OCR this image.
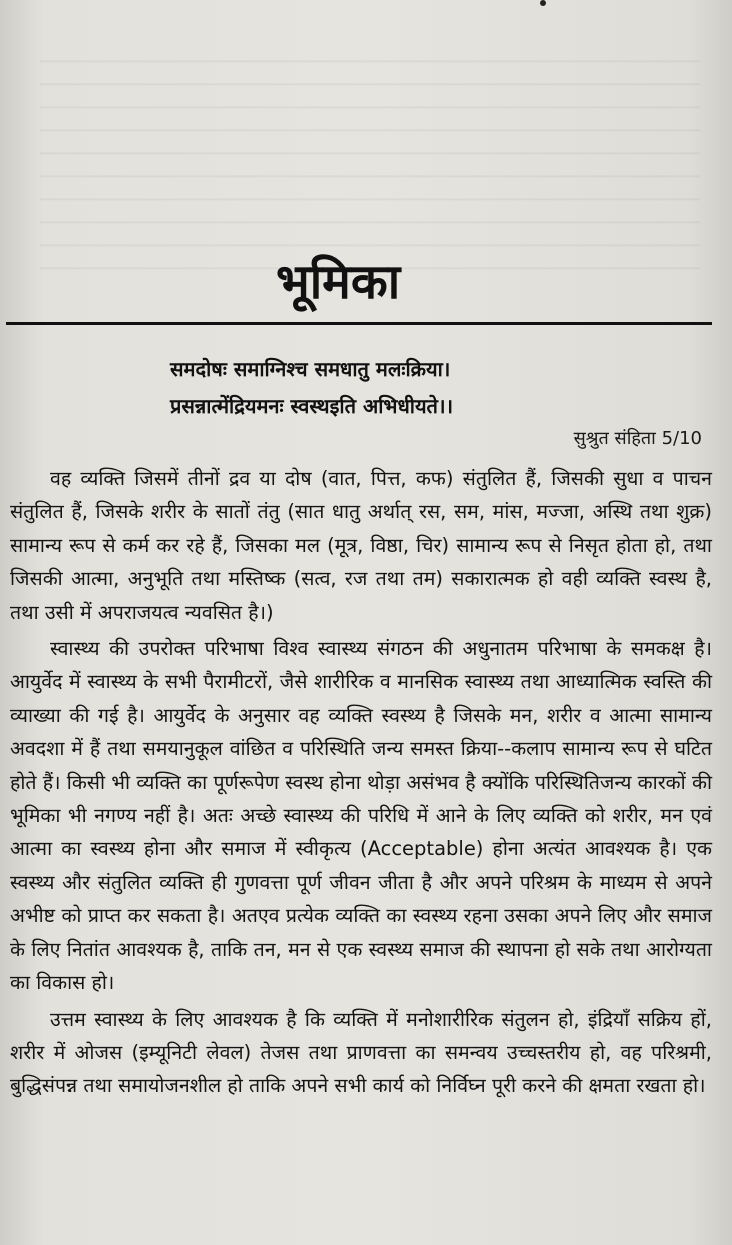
भूमिका
समदोषः समाग्निश्च समधातु मलःक्रिया।
प्रसन्नात्मेंद्रियमनः स्वस्थइति अभिधीयते।।
सुश्रुत संहिता 5/10

वह व्यक्ति जिसमें तीनों द्रव या दोष (वात, पित्त, कफ) संतुलित हैं, जिसकी सुधा व पाचन संतुलित हैं, जिसके शरीर के सातों तंतु (सात धातु अर्थात् रस, सम, मांस, मज्जा, अस्थि तथा शुक्र) सामान्य रूप से कर्म कर रहे हैं, जिसका मल (मूत्र, विष्ठा, चिर) सामान्य रूप से निसृत होता हो, तथा जिसकी आत्मा, अनुभूति तथा मस्तिष्क (सत्व, रज तथा तम) सकारात्मक हो वही व्यक्ति स्वस्थ है, तथा उसी में अपराजयत्व न्यवसित है।)

स्वास्थ्य की उपरोक्त परिभाषा विश्व स्वास्थ्य संगठन की अधुनातम परिभाषा के समकक्ष है। आयुर्वेद में स्वास्थ्य के सभी पैरामीटरों, जैसे शारीरिक व मानसिक स्वास्थ्य तथा आध्यात्मिक स्वस्ति की व्याख्या की गई है। आयुर्वेद के अनुसार वह व्यक्ति स्वस्थ्य है जिसके मन, शरीर व आत्मा सामान्य अवदशा में हैं तथा समयानुकूल वांछित व परिस्थिति जन्य समस्त क्रिया--कलाप सामान्य रूप से घटित होते हैं। किसी भी व्यक्ति का पूर्णरूपेण स्वस्थ होना थोड़ा असंभव है क्योंकि परिस्थितिजन्य कारकों की भूमिका भी नगण्य नहीं है। अतः अच्छे स्वास्थ्य की परिधि में आने के लिए व्यक्ति को शरीर, मन एवं आत्मा का स्वस्थ्य होना और समाज में स्वीकृत्य (Acceptable) होना अत्यंत आवश्यक है। एक स्वस्थ्य और संतुलित व्यक्ति ही गुणवत्ता पूर्ण जीवन जीता है और अपने परिश्रम के माध्यम से अपने अभीष्ट को प्राप्त कर सकता है। अतएव प्रत्येक व्यक्ति का स्वस्थ्य रहना उसका अपने लिए और समाज के लिए नितांत आवश्यक है, ताकि तन, मन से एक स्वस्थ्य समाज की स्थापना हो सके तथा आरोग्यता का विकास हो।

उत्तम स्वास्थ्य के लिए आवश्यक है कि व्यक्ति में मनोशारीरिक संतुलन हो, इंद्रियाँ सक्रिय हों, शरीर में ओजस (इम्यूनिटी लेवल) तेजस तथा प्राणवत्ता का समन्वय उच्चस्तरीय हो, वह परिश्रमी, बुद्धिसंपन्न तथा समायोजनशील हो ताकि अपने सभी कार्य को निर्विघ्न पूरी करने की क्षमता रखता हो।
